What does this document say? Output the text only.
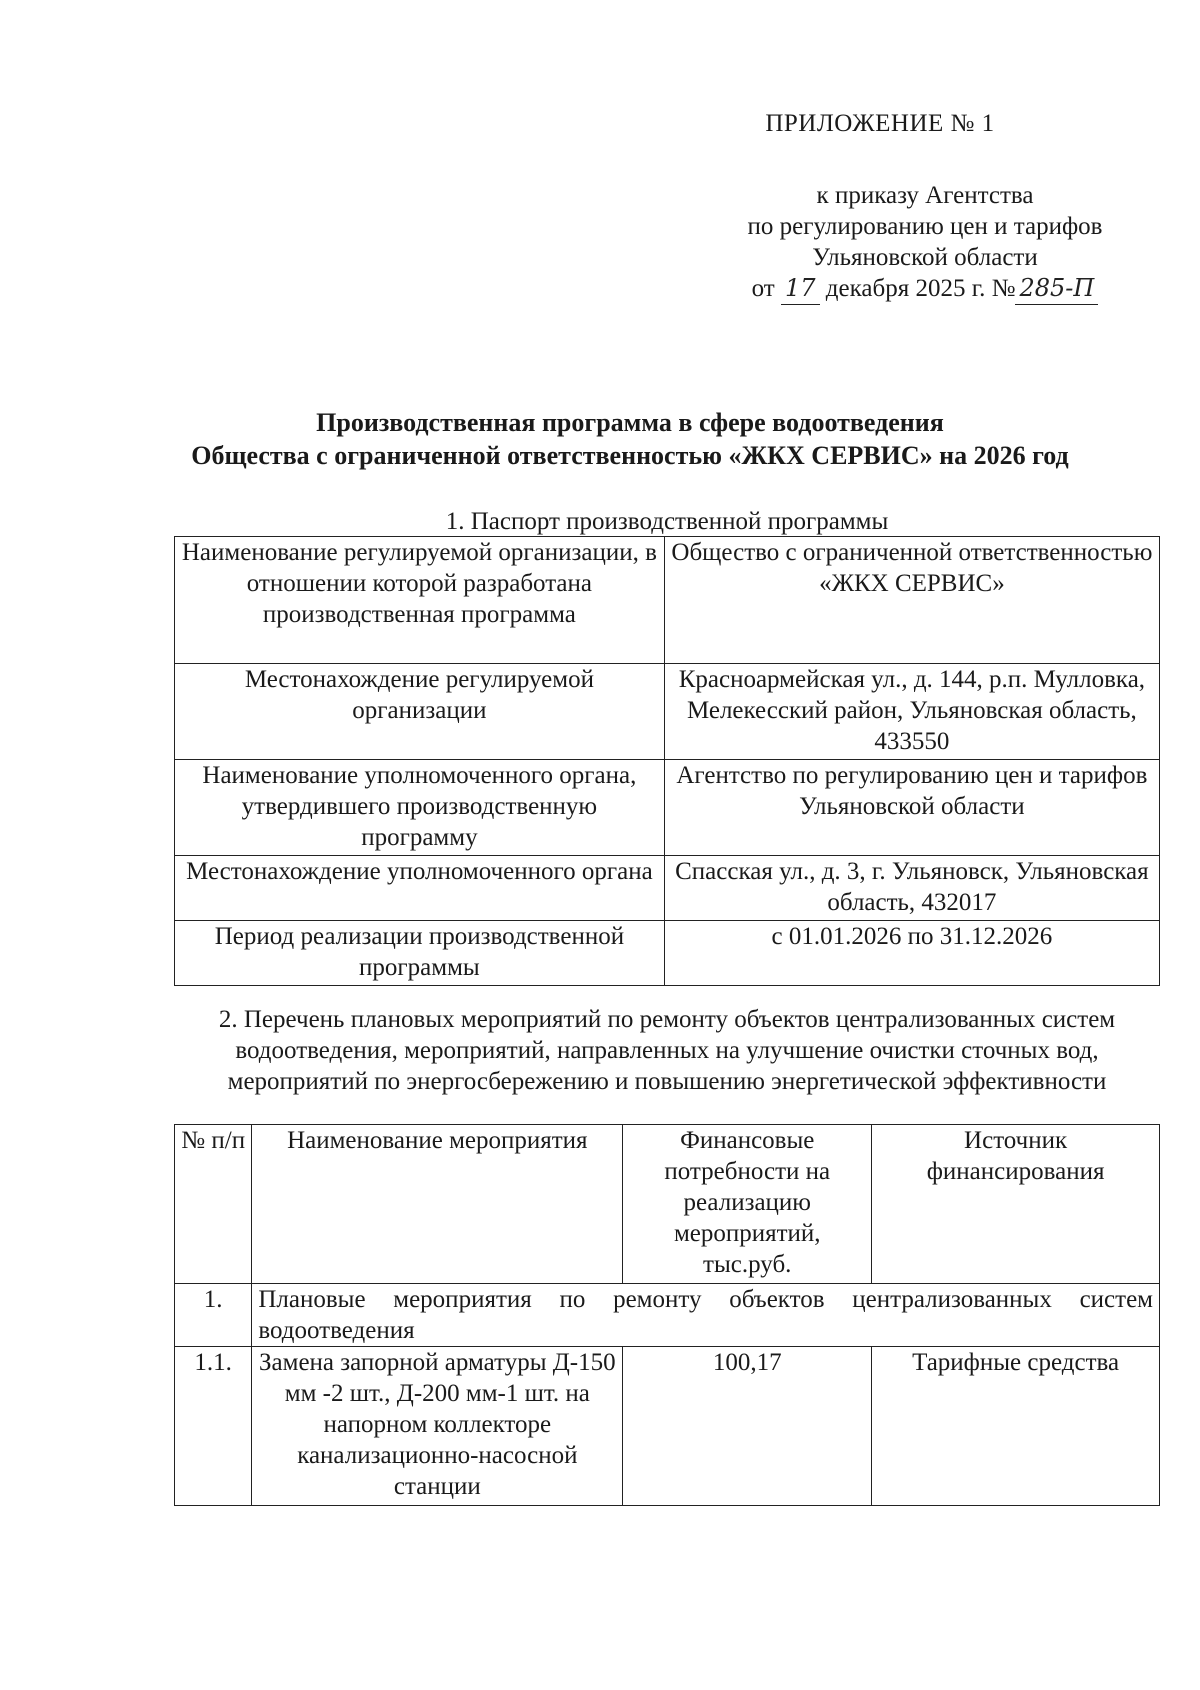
ПРИЛОЖЕНИЕ № 1
к приказу Агентства
по регулированию цен и тарифов
Ульяновской области
от 17 декабря 2025 г. № 285-П
Производственная программа в сфере водоотведения
Общества с ограниченной ответственностью «ЖКХ СЕРВИС» на 2026 год
1. Паспорт производственной программы
Наименование регулируемой организации, в отношении которой разработана производственная программа	Общество с ограниченной ответственностью «ЖКХ СЕРВИС»
Местонахождение регулируемой организации	Красноармейская ул., д. 144, р.п. Мулловка, Мелекесский район, Ульяновская область, 433550
Наименование уполномоченного органа, утвердившего производственную программу	Агентство по регулированию цен и тарифов Ульяновской области
Местонахождение уполномоченного органа	Спасская ул., д. 3, г. Ульяновск, Ульяновская область, 432017
Период реализации производственной программы	с 01.01.2026 по 31.12.2026
2. Перечень плановых мероприятий по ремонту объектов централизованных систем водоотведения, мероприятий, направленных на улучшение очистки сточных вод, мероприятий по энергосбережению и повышению энергетической эффективности
№ п/п	Наименование мероприятия	Финансовые потребности на реализацию мероприятий, тыс.руб.	Источник финансирования
1.	Плановые мероприятия по ремонту объектов централизованных систем водоотведения		
1.1.	Замена запорной арматуры Д-150 мм -2 шт., Д-200 мм-1 шт. на напорном коллекторе канализационно-насосной станции	100,17	Тарифные средства
